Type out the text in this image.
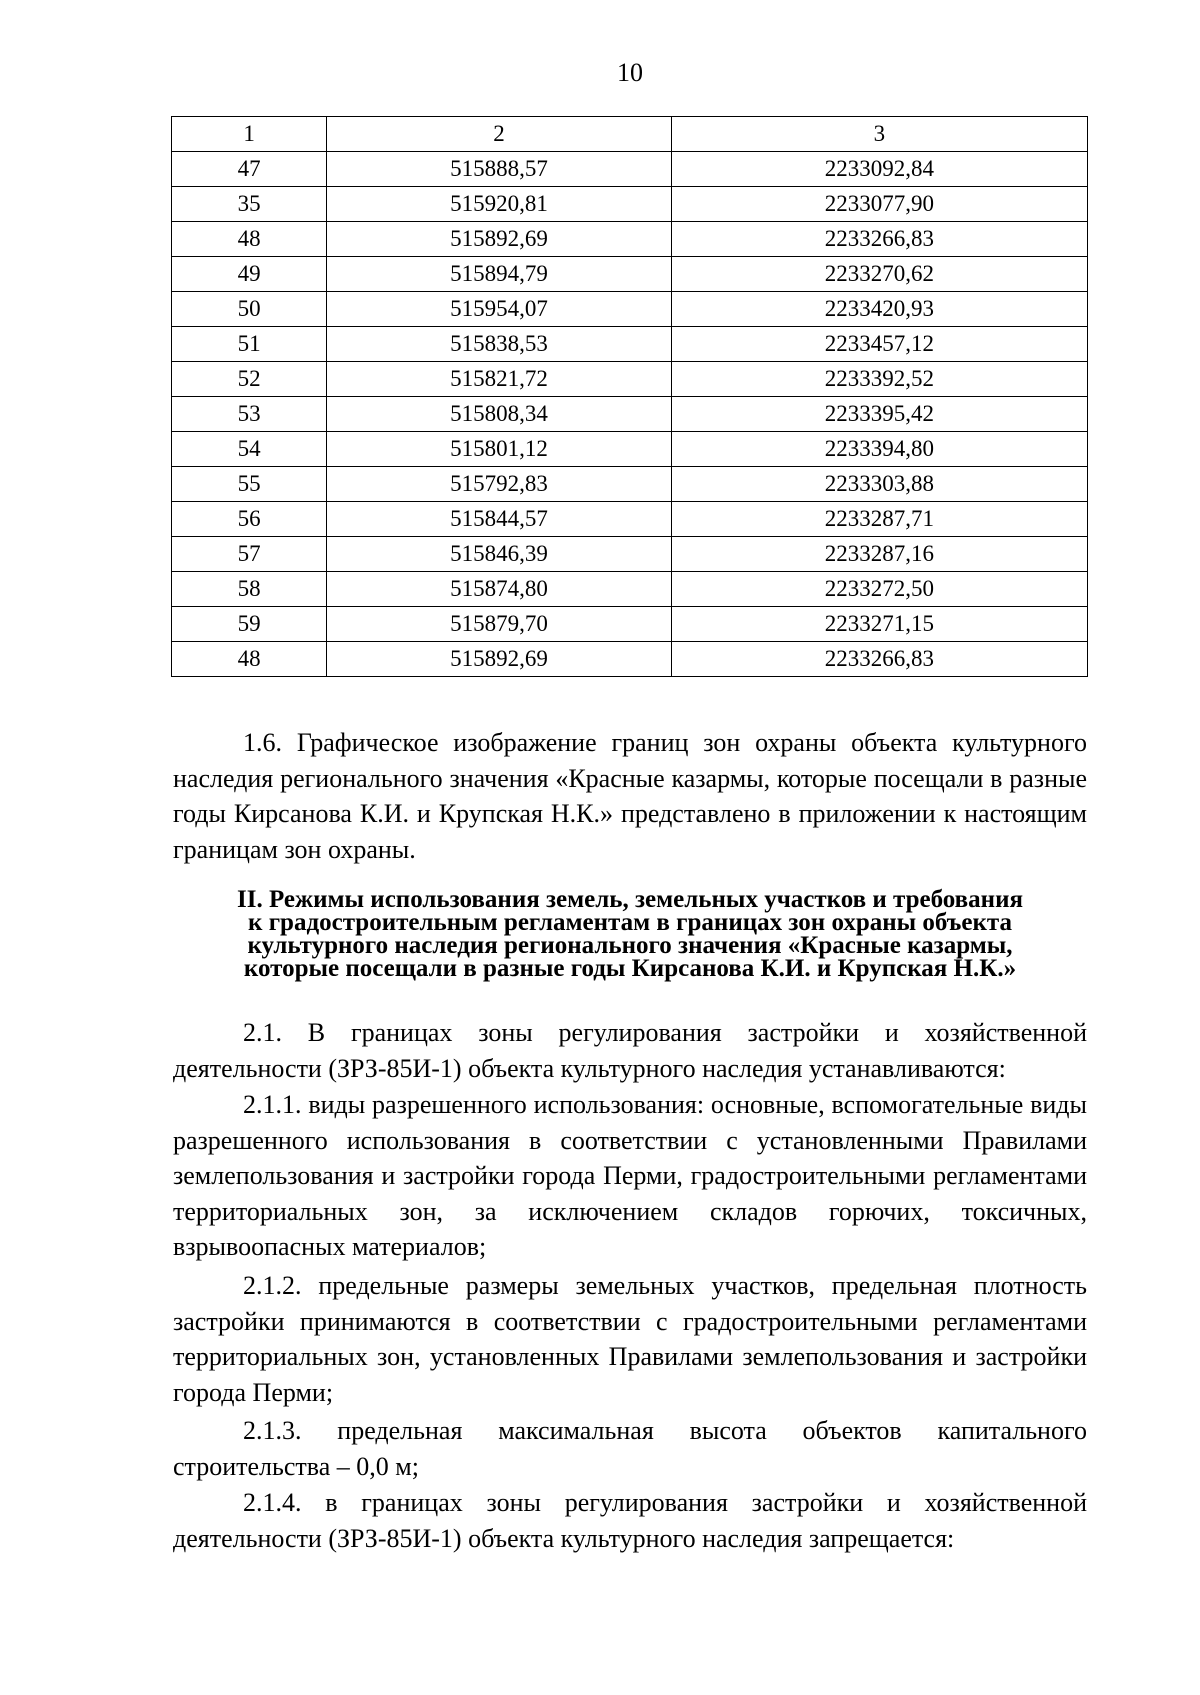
10
1	2	3
47	515888,57	2233092,84
35	515920,81	2233077,90
48	515892,69	2233266,83
49	515894,79	2233270,62
50	515954,07	2233420,93
51	515838,53	2233457,12
52	515821,72	2233392,52
53	515808,34	2233395,42
54	515801,12	2233394,80
55	515792,83	2233303,88
56	515844,57	2233287,71
57	515846,39	2233287,16
58	515874,80	2233272,50
59	515879,70	2233271,15
48	515892,69	2233266,83
1.6. Графическое изображение границ зон охраны объекта культурного наследия регионального значения «Красные казармы, которые посещали в разные годы Кирсанова К.И. и Крупская Н.К.» представлено в приложении к настоящим границам зон охраны.
II. Режимы использования земель, земельных участков и требования
к градостроительным регламентам в границах зон охраны объекта
культурного наследия регионального значения «Красные казармы,
которые посещали в разные годы Кирсанова К.И. и Крупская Н.К.»
2.1. В границах зоны регулирования застройки и хозяйственной деятельности (ЗРЗ-85И-1) объекта культурного наследия устанавливаются:
2.1.1. виды разрешенного использования: основные, вспомогательные виды разрешенного использования в соответствии с установленными Правилами землепользования и застройки города Перми, градостроительными регламентами территориальных зон, за исключением складов горючих, токсичных, взрывоопасных материалов;
2.1.2. предельные размеры земельных участков, предельная плотность застройки принимаются в соответствии с градостроительными регламентами территориальных зон, установленных Правилами землепользования и застройки города Перми;
2.1.3. предельная максимальная высота объектов капитального строительства – 0,0 м;
2.1.4. в границах зоны регулирования застройки и хозяйственной деятельности (ЗРЗ-85И-1) объекта культурного наследия запрещается:
